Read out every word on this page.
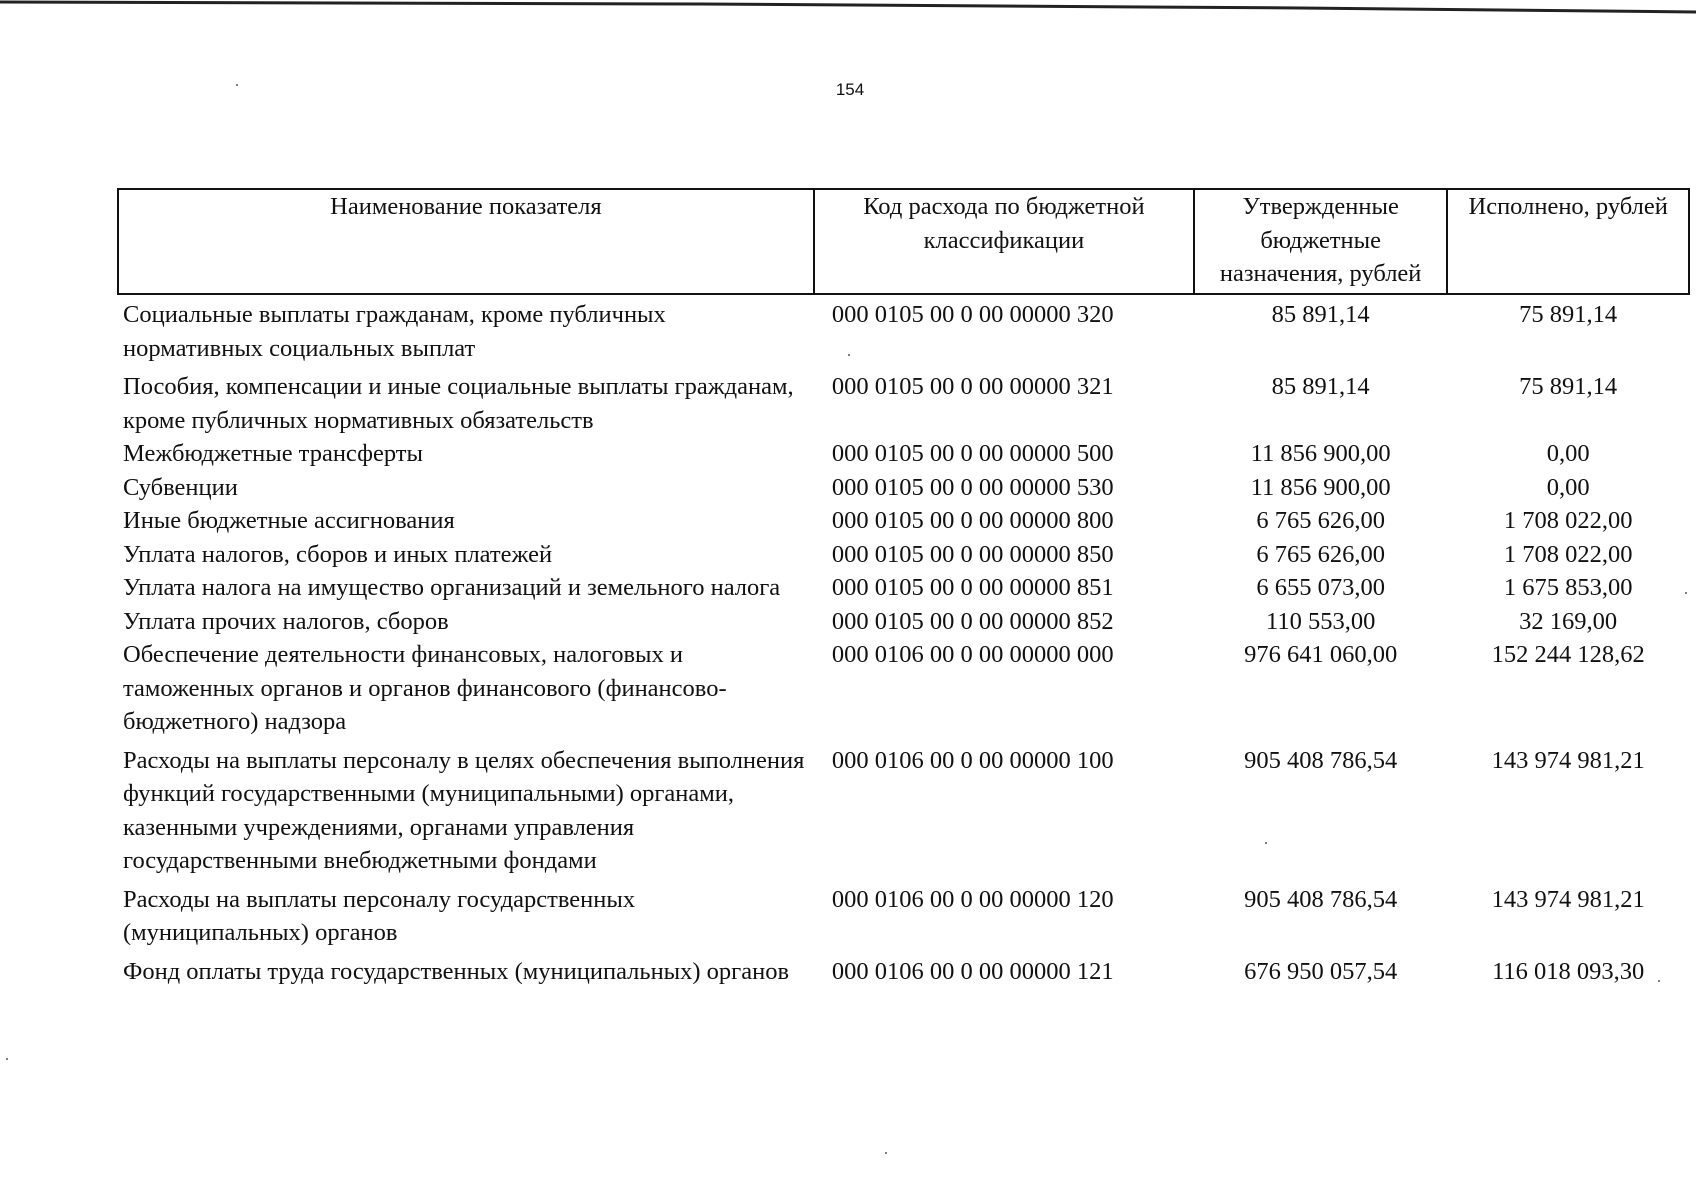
154
Наименование показателя	Код расхода по бюджетной классификации	Утвержденные бюджетные назначения, рублей	Исполнено, рублей
Социальные выплаты гражданам, кроме публичных нормативных социальных выплат	000 0105 00 0 00 00000 320	85 891,14	75 891,14
Пособия, компенсации и иные социальные выплаты гражданам, кроме публичных нормативных обязательств	000 0105 00 0 00 00000 321	85 891,14	75 891,14
Межбюджетные трансферты	000 0105 00 0 00 00000 500	11 856 900,00	0,00
Субвенции	000 0105 00 0 00 00000 530	11 856 900,00	0,00
Иные бюджетные ассигнования	000 0105 00 0 00 00000 800	6 765 626,00	1 708 022,00
Уплата налогов, сборов и иных платежей	000 0105 00 0 00 00000 850	6 765 626,00	1 708 022,00
Уплата налога на имущество организаций и земельного налога	000 0105 00 0 00 00000 851	6 655 073,00	1 675 853,00
Уплата прочих налогов, сборов	000 0105 00 0 00 00000 852	110 553,00	32 169,00
Обеспечение деятельности финансовых, налоговых и таможенных органов и органов финансового (финансово-бюджетного) надзора	000 0106 00 0 00 00000 000	976 641 060,00	152 244 128,62
Расходы на выплаты персоналу в целях обеспечения выполнения функций государственными (муниципальными) органами, казенными учреждениями, органами управления государственными внебюджетными фондами	000 0106 00 0 00 00000 100	905 408 786,54	143 974 981,21
Расходы на выплаты персоналу государственных (муниципальных) органов	000 0106 00 0 00 00000 120	905 408 786,54	143 974 981,21
Фонд оплаты труда государственных (муниципальных) органов	000 0106 00 0 00 00000 121	676 950 057,54	116 018 093,30
